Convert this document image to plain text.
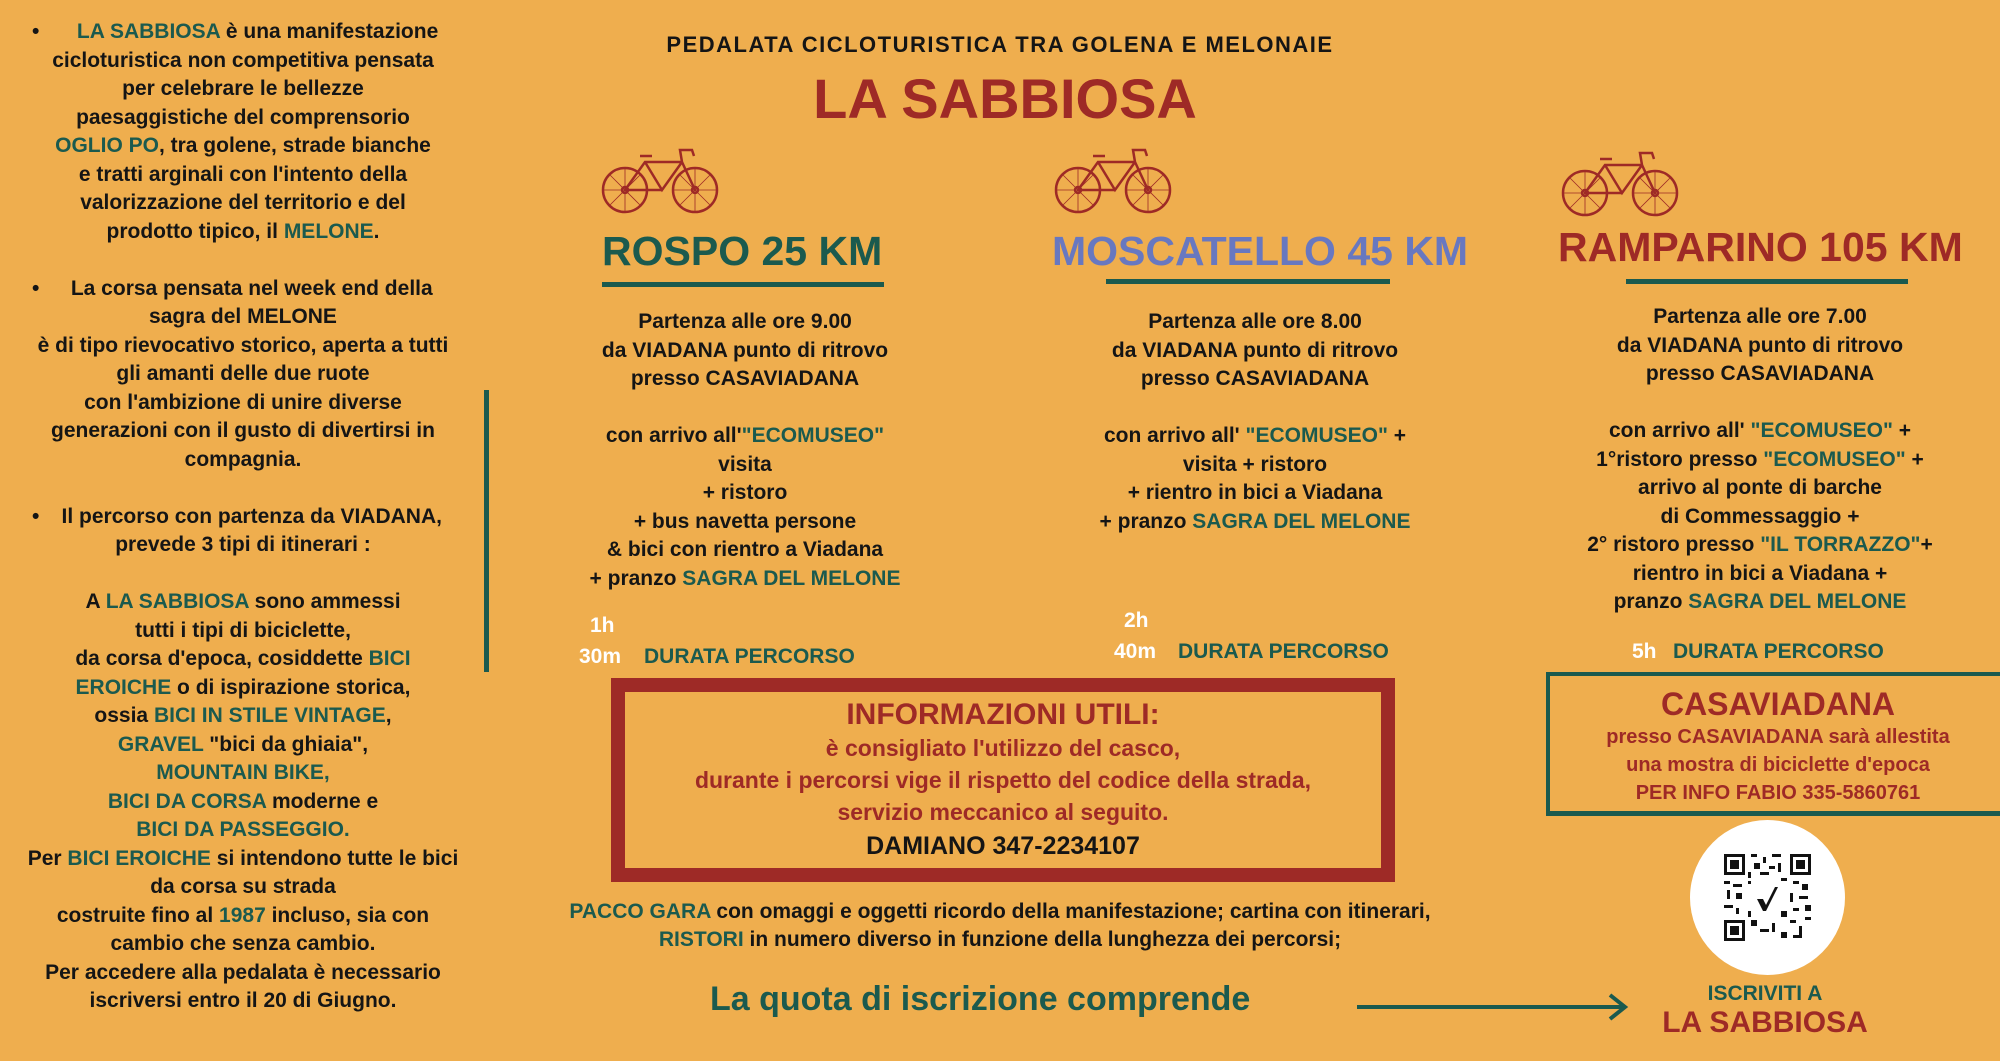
• LA SABBIOSA è una manifestazione

cicloturistica non competitiva pensata

per celebrare le bellezze

paesaggistiche del comprensorio

OGLIO PO, tra golene, strade bianche

e tratti arginali con l'intento della

valorizzazione del territorio e del

prodotto tipico, il MELONE.

• La corsa pensata nel week end della

sagra del MELONE

è di tipo rievocativo storico, aperta a tutti

gli amanti delle due ruote

con l'ambizione di unire diverse

generazioni con il gusto di divertirsi in

compagnia.

• Il percorso con partenza da VIADANA,

prevede 3 tipi di itinerari :

A LA SABBIOSA sono ammessi

tutti i tipi di biciclette,

da corsa d'epoca, cosiddette BICI

EROICHE o di ispirazione storica,

ossia BICI IN STILE VINTAGE,

GRAVEL "bici da ghiaia",

MOUNTAIN BIKE,

BICI DA CORSA moderne e

BICI DA PASSEGGIO.

Per BICI EROICHE si intendono tutte le bici

da corsa su strada

costruite fino al 1987 incluso, sia con

cambio che senza cambio.

Per accedere alla pedalata è necessario

iscriversi entro il 20 di Giugno.

PEDALATA CICLOTURISTICA TRA GOLENA E MELONAIE
LA SABBIOSA
ROSPO 25 KM

Partenza alle ore 9.00

da VIADANA punto di ritrovo

presso CASAVIADANA

con arrivo all'"ECOMUSEO"

visita

+ ristoro

+ bus navetta persone

& bici con rientro a Viadana

+ pranzo SAGRA DEL MELONE

1h
30m DURATA PERCORSO
MOSCATELLO 45 KM

Partenza alle ore 8.00

da VIADANA punto di ritrovo

presso CASAVIADANA

con arrivo all' "ECOMUSEO" +

visita + ristoro

+ rientro in bici a Viadana

+ pranzo SAGRA DEL MELONE

2h
40m DURATA PERCORSO
RAMPARINO 105 KM

Partenza alle ore 7.00

da VIADANA punto di ritrovo

presso CASAVIADANA

con arrivo all' "ECOMUSEO" +

1°ristoro presso "ECOMUSEO" +

arrivo al ponte di barche

di Commessaggio +

2° ristoro presso "IL TORRAZZO"+

rientro in bici a Viadana +

pranzo SAGRA DEL MELONE

5h DURATA PERCORSO
INFORMAZIONI UTILI:
è consigliato l'utilizzo del casco,
durante i percorsi vige il rispetto del codice della strada,
servizio meccanico al seguito.
DAMIANO 347-2234107
CASAVIADANA
presso CASAVIADANA sarà allestita
una mostra di biciclette d'epoca
PER INFO FABIO 335-5860761
ISCRIVITI A
LA SABBIOSA

PACCO GARA con omaggi e oggetti ricordo della manifestazione; cartina con itinerari,

RISTORI in numero diverso in funzione della lunghezza dei percorsi;

La quota di iscrizione comprende
